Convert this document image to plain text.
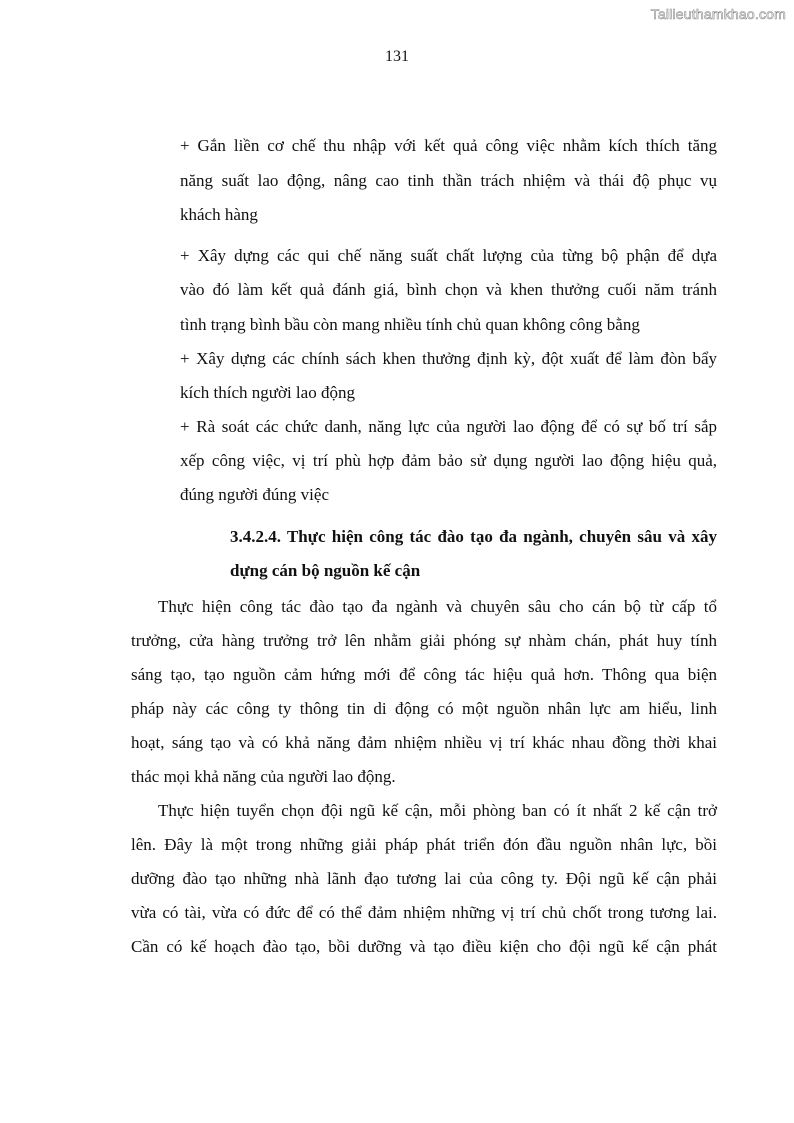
Tailieuthamkhao.com
131

+ Gắn liền cơ chế thu nhập với kết quả công việc nhằm kích thích tăng

năng suất lao động, nâng cao tinh thần trách nhiệm và thái độ phục vụ

khách hàng

+ Xây dựng các qui chế năng suất chất lượng của từng bộ phận để dựa

vào đó làm kết quả đánh giá, bình chọn và khen thưởng cuối năm tránh

tình trạng bình bầu còn mang nhiều tính chủ quan không công bằng

+ Xây dựng các chính sách khen thưởng định kỳ, đột xuất để làm đòn bẩy

kích thích người lao động

+ Rà soát các chức danh, năng lực của người lao động để có sự bố trí sắp

xếp công việc, vị trí phù hợp đảm bảo sử dụng người lao động hiệu quả,

đúng người đúng việc

3.4.2.4. Thực hiện công tác đào tạo đa ngành, chuyên sâu và xây

dựng cán bộ nguồn kế cận

Thực hiện công tác đào tạo đa ngành và chuyên sâu cho cán bộ từ cấp tổ

trưởng, cửa hàng trưởng trở lên nhằm giải phóng sự nhàm chán, phát huy tính

sáng tạo, tạo nguồn cảm hứng mới để công tác hiệu quả hơn. Thông qua biện

pháp này các công ty thông tin di động có một nguồn nhân lực am hiểu, linh

hoạt, sáng tạo và có khả năng đảm nhiệm nhiều vị trí khác nhau đồng thời khai

thác mọi khả năng của người lao động.

Thực hiện tuyển chọn đội ngũ kế cận, mỗi phòng ban có ít nhất 2 kế cận trở

lên. Đây là một trong những giải pháp phát triển đón đầu nguồn nhân lực, bồi

dưỡng đào tạo những nhà lãnh đạo tương lai của công ty. Đội ngũ kế cận phải

vừa có tài, vừa có đức để có thể đảm nhiệm những vị trí chủ chốt trong tương lai.

Cần có kế hoạch đào tạo, bồi dưỡng và tạo điều kiện cho đội ngũ kế cận phát
